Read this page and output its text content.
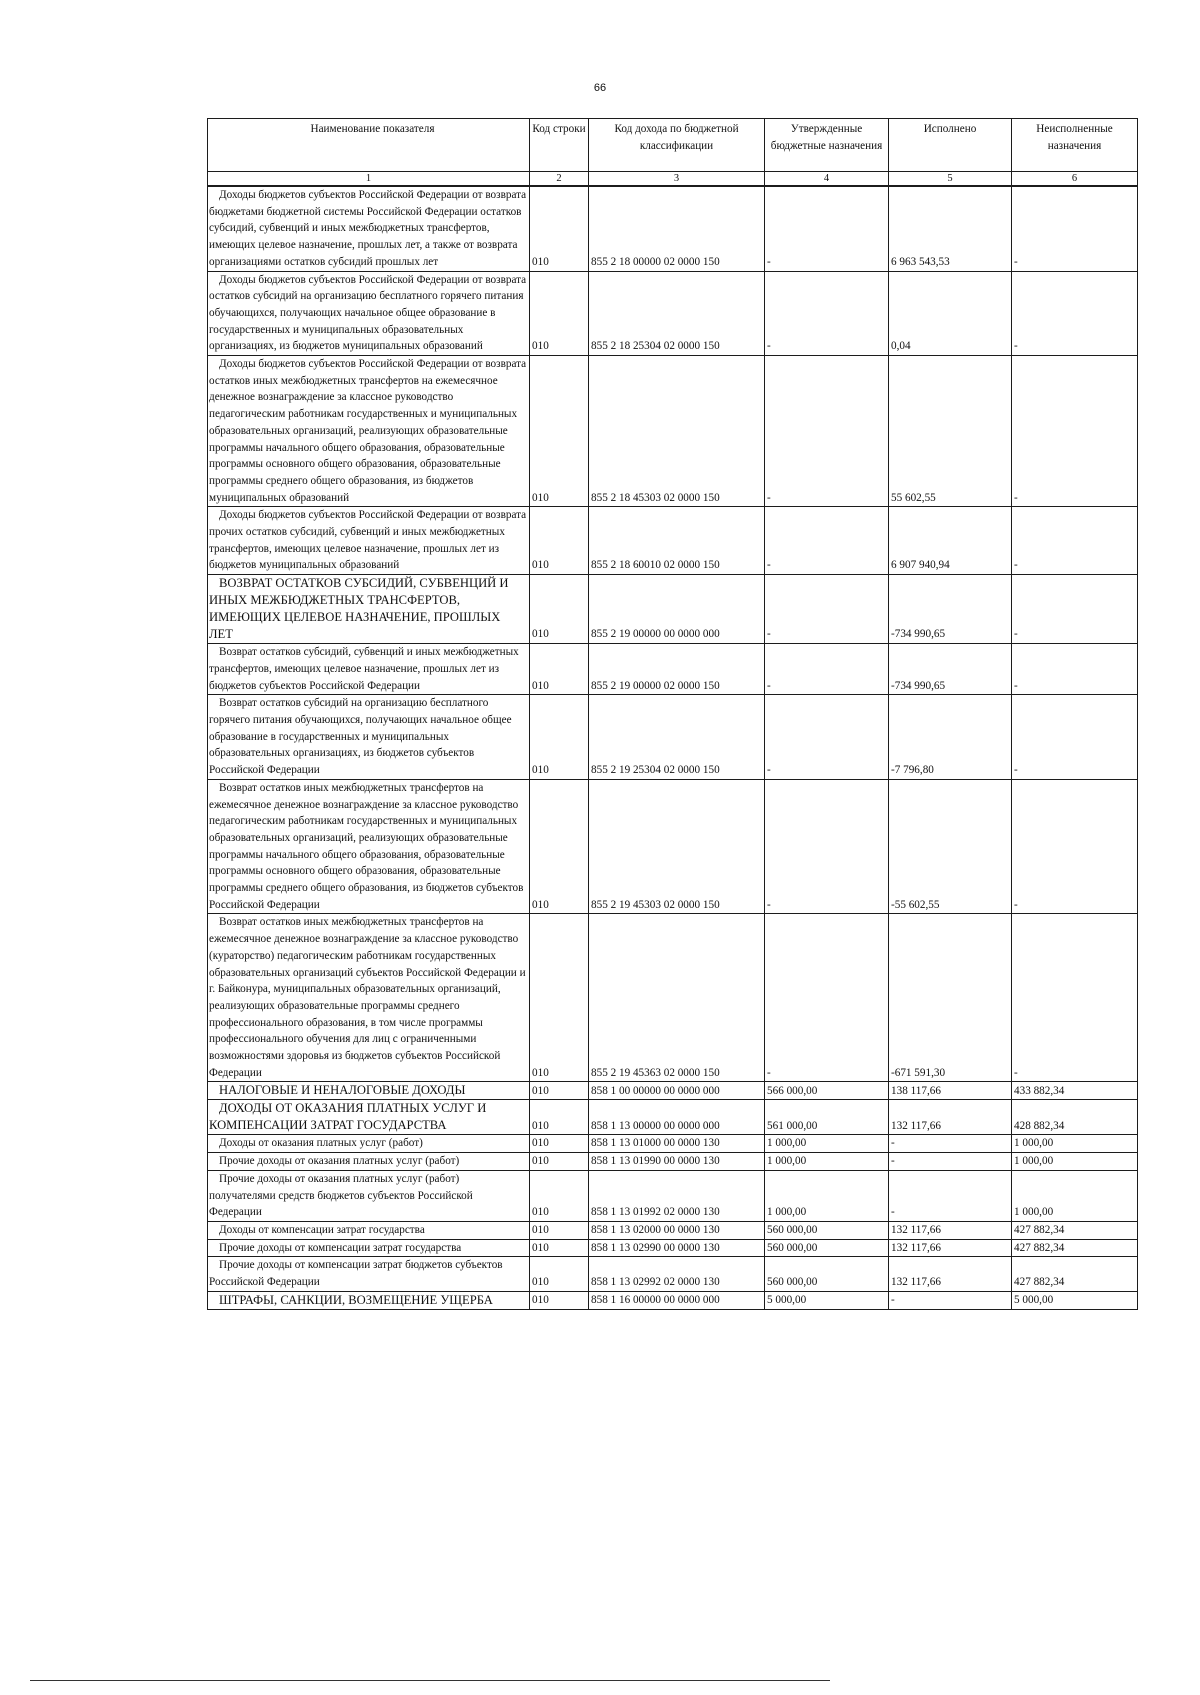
66
Наименование показателя	Код строки	Код дохода по бюджетной классификации	Утвержденные бюджетные назначения	Исполнено	Неисполненные назначения
1	2	3	4	5	6
Доходы бюджетов субъектов Российской Федерации от возврата бюджетами бюджетной системы Российской Федерации остатков субсидий, субвенций и иных межбюджетных трансфертов, имеющих целевое назначение, прошлых лет, а также от возврата организациями остатков субсидий прошлых лет	010	855 2 18 00000 02 0000 150	-	6 963 543,53	-
Доходы бюджетов субъектов Российской Федерации от возврата остатков субсидий на организацию бесплатного горячего питания обучающихся, получающих начальное общее образование в государственных и муниципальных образовательных организациях, из бюджетов муниципальных образований	010	855 2 18 25304 02 0000 150	-	0,04	-
Доходы бюджетов субъектов Российской Федерации от возврата остатков иных межбюджетных трансфертов на ежемесячное денежное вознаграждение за классное руководство педагогическим работникам государственных и муниципальных образовательных организаций, реализующих образовательные программы начального общего образования, образовательные программы основного общего образования, образовательные программы среднего общего образования, из бюджетов муниципальных образований	010	855 2 18 45303 02 0000 150	-	55 602,55	-
Доходы бюджетов субъектов Российской Федерации от возврата прочих остатков субсидий, субвенций и иных межбюджетных трансфертов, имеющих целевое назначение, прошлых лет из бюджетов муниципальных образований	010	855 2 18 60010 02 0000 150	-	6 907 940,94	-
ВОЗВРАТ ОСТАТКОВ СУБСИДИЙ, СУБВЕНЦИЙ И ИНЫХ МЕЖБЮДЖЕТНЫХ ТРАНСФЕРТОВ, ИМЕЮЩИХ ЦЕЛЕВОЕ НАЗНАЧЕНИЕ, ПРОШЛЫХ ЛЕТ	010	855 2 19 00000 00 0000 000	-	-734 990,65	-
Возврат остатков субсидий, субвенций и иных межбюджетных трансфертов, имеющих целевое назначение, прошлых лет из бюджетов субъектов Российской Федерации	010	855 2 19 00000 02 0000 150	-	-734 990,65	-
Возврат остатков субсидий на организацию бесплатного горячего питания обучающихся, получающих начальное общее образование в государственных и муниципальных образовательных организациях, из бюджетов субъектов Российской Федерации	010	855 2 19 25304 02 0000 150	-	-7 796,80	-
Возврат остатков иных межбюджетных трансфертов на ежемесячное денежное вознаграждение за классное руководство педагогическим работникам государственных и муниципальных образовательных организаций, реализующих образовательные программы начального общего образования, образовательные программы основного общего образования, образовательные программы среднего общего образования, из бюджетов субъектов Российской Федерации	010	855 2 19 45303 02 0000 150	-	-55 602,55	-
Возврат остатков иных межбюджетных трансфертов на ежемесячное денежное вознаграждение за классное руководство (кураторство) педагогическим работникам государственных образовательных организаций субъектов Российской Федерации и г. Байконура, муниципальных образовательных организаций, реализующих образовательные программы среднего профессионального образования, в том числе программы профессионального обучения для лиц с ограниченными возможностями здоровья из бюджетов субъектов Российской Федерации	010	855 2 19 45363 02 0000 150	-	-671 591,30	-
НАЛОГОВЫЕ И НЕНАЛОГОВЫЕ ДОХОДЫ	010	858 1 00 00000 00 0000 000	566 000,00	138 117,66	433 882,34
ДОХОДЫ ОТ ОКАЗАНИЯ ПЛАТНЫХ УСЛУГ И КОМПЕНСАЦИИ ЗАТРАТ ГОСУДАРСТВА	010	858 1 13 00000 00 0000 000	561 000,00	132 117,66	428 882,34
Доходы от оказания платных услуг (работ)	010	858 1 13 01000 00 0000 130	1 000,00	-	1 000,00
Прочие доходы от оказания платных услуг (работ)	010	858 1 13 01990 00 0000 130	1 000,00	-	1 000,00
Прочие доходы от оказания платных услуг (работ) получателями средств бюджетов субъектов Российской Федерации	010	858 1 13 01992 02 0000 130	1 000,00	-	1 000,00
Доходы от компенсации затрат государства	010	858 1 13 02000 00 0000 130	560 000,00	132 117,66	427 882,34
Прочие доходы от компенсации затрат государства	010	858 1 13 02990 00 0000 130	560 000,00	132 117,66	427 882,34
Прочие доходы от компенсации затрат бюджетов субъектов Российской Федерации	010	858 1 13 02992 02 0000 130	560 000,00	132 117,66	427 882,34
ШТРАФЫ, САНКЦИИ, ВОЗМЕЩЕНИЕ УЩЕРБА	010	858 1 16 00000 00 0000 000	5 000,00	-	5 000,00
